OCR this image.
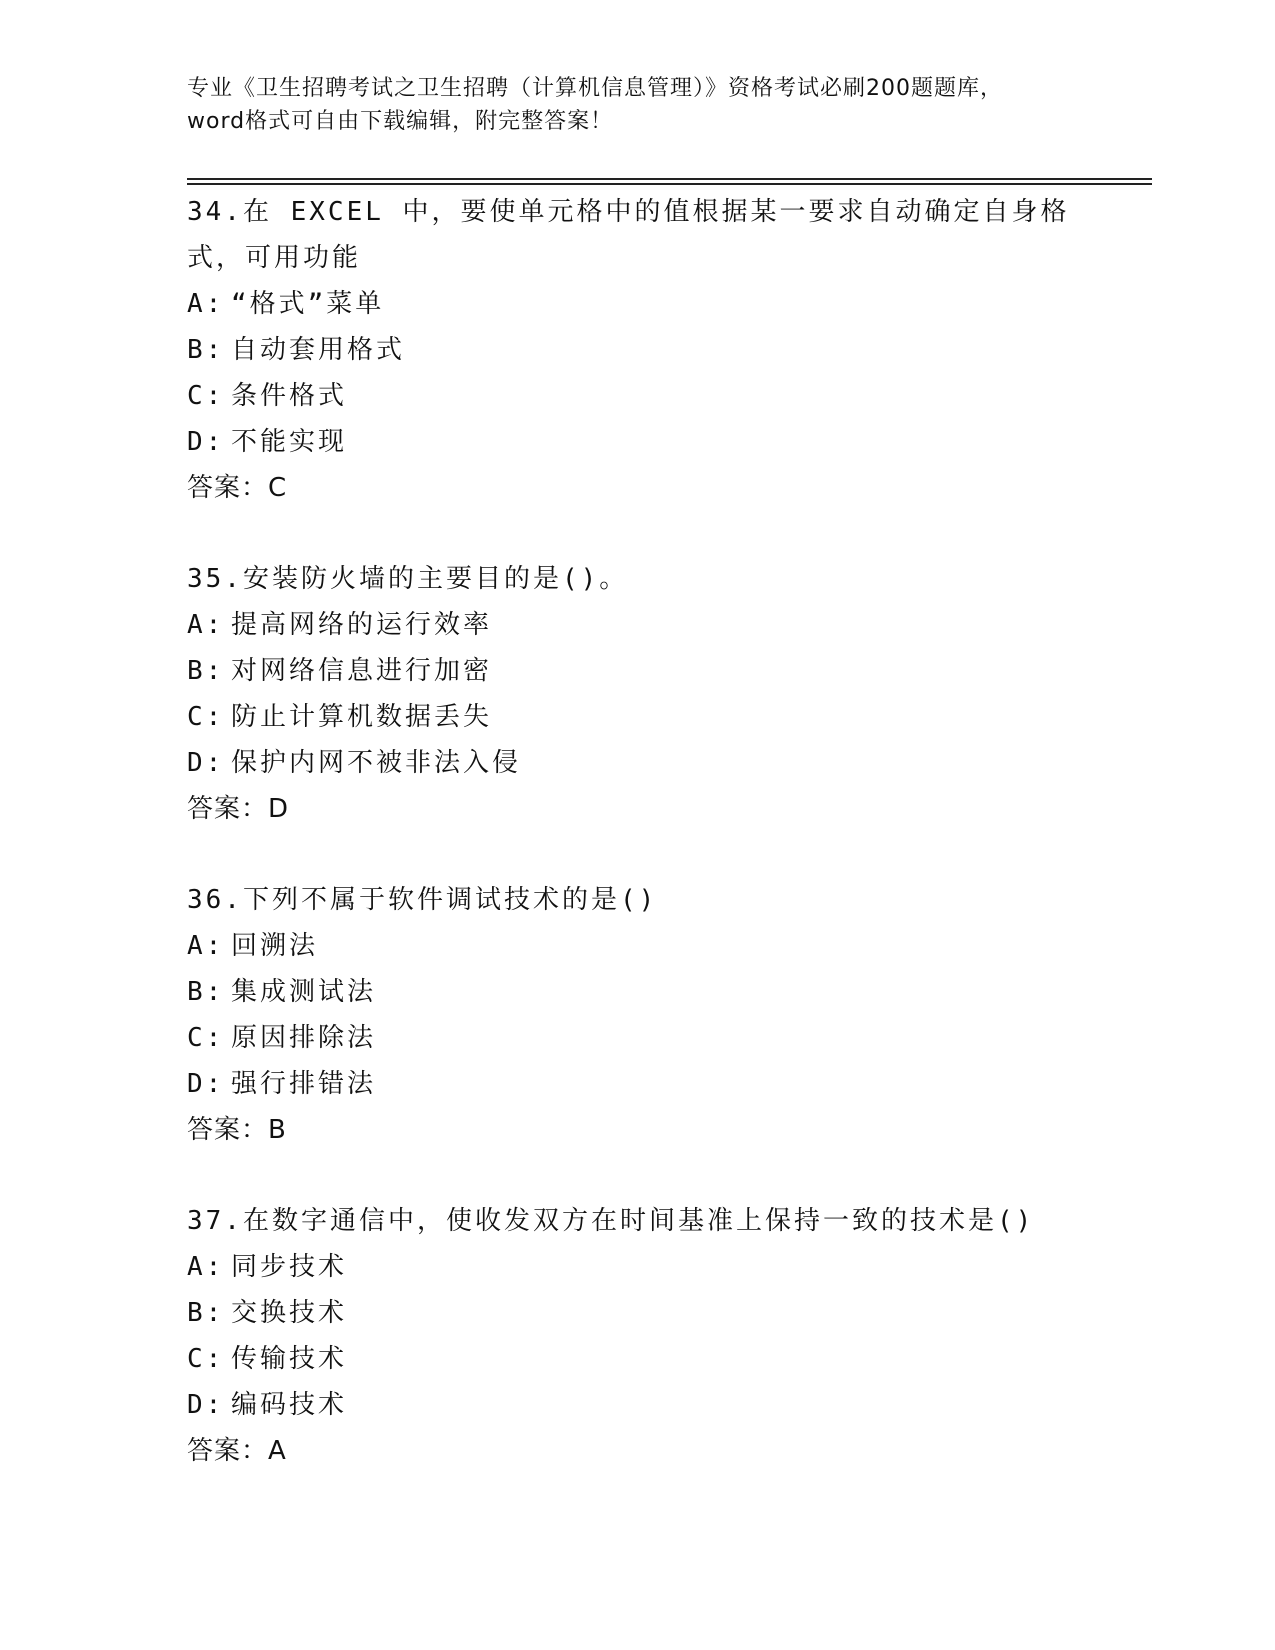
专业《卫生招聘考试之卫生招聘（计算机信息管理）》资格考试必刷200题题库，
word格式可自由下载编辑，附完整答案！
34.在 EXCEL 中，要使单元格中的值根据某一要求自动确定自身格式，可用功能
A: “格式”菜单
B: 自动套用格式
C: 条件格式
D: 不能实现
答案：C
35.安装防火墙的主要目的是()。
A: 提高网络的运行效率
B: 对网络信息进行加密
C: 防止计算机数据丢失
D: 保护内网不被非法入侵
答案：D
36.下列不属于软件调试技术的是()
A: 回溯法
B: 集成测试法
C: 原因排除法
D: 强行排错法
答案：B
37.在数字通信中，使收发双方在时间基准上保持一致的技术是()
A: 同步技术
B: 交换技术
C: 传输技术
D: 编码技术
答案：A
